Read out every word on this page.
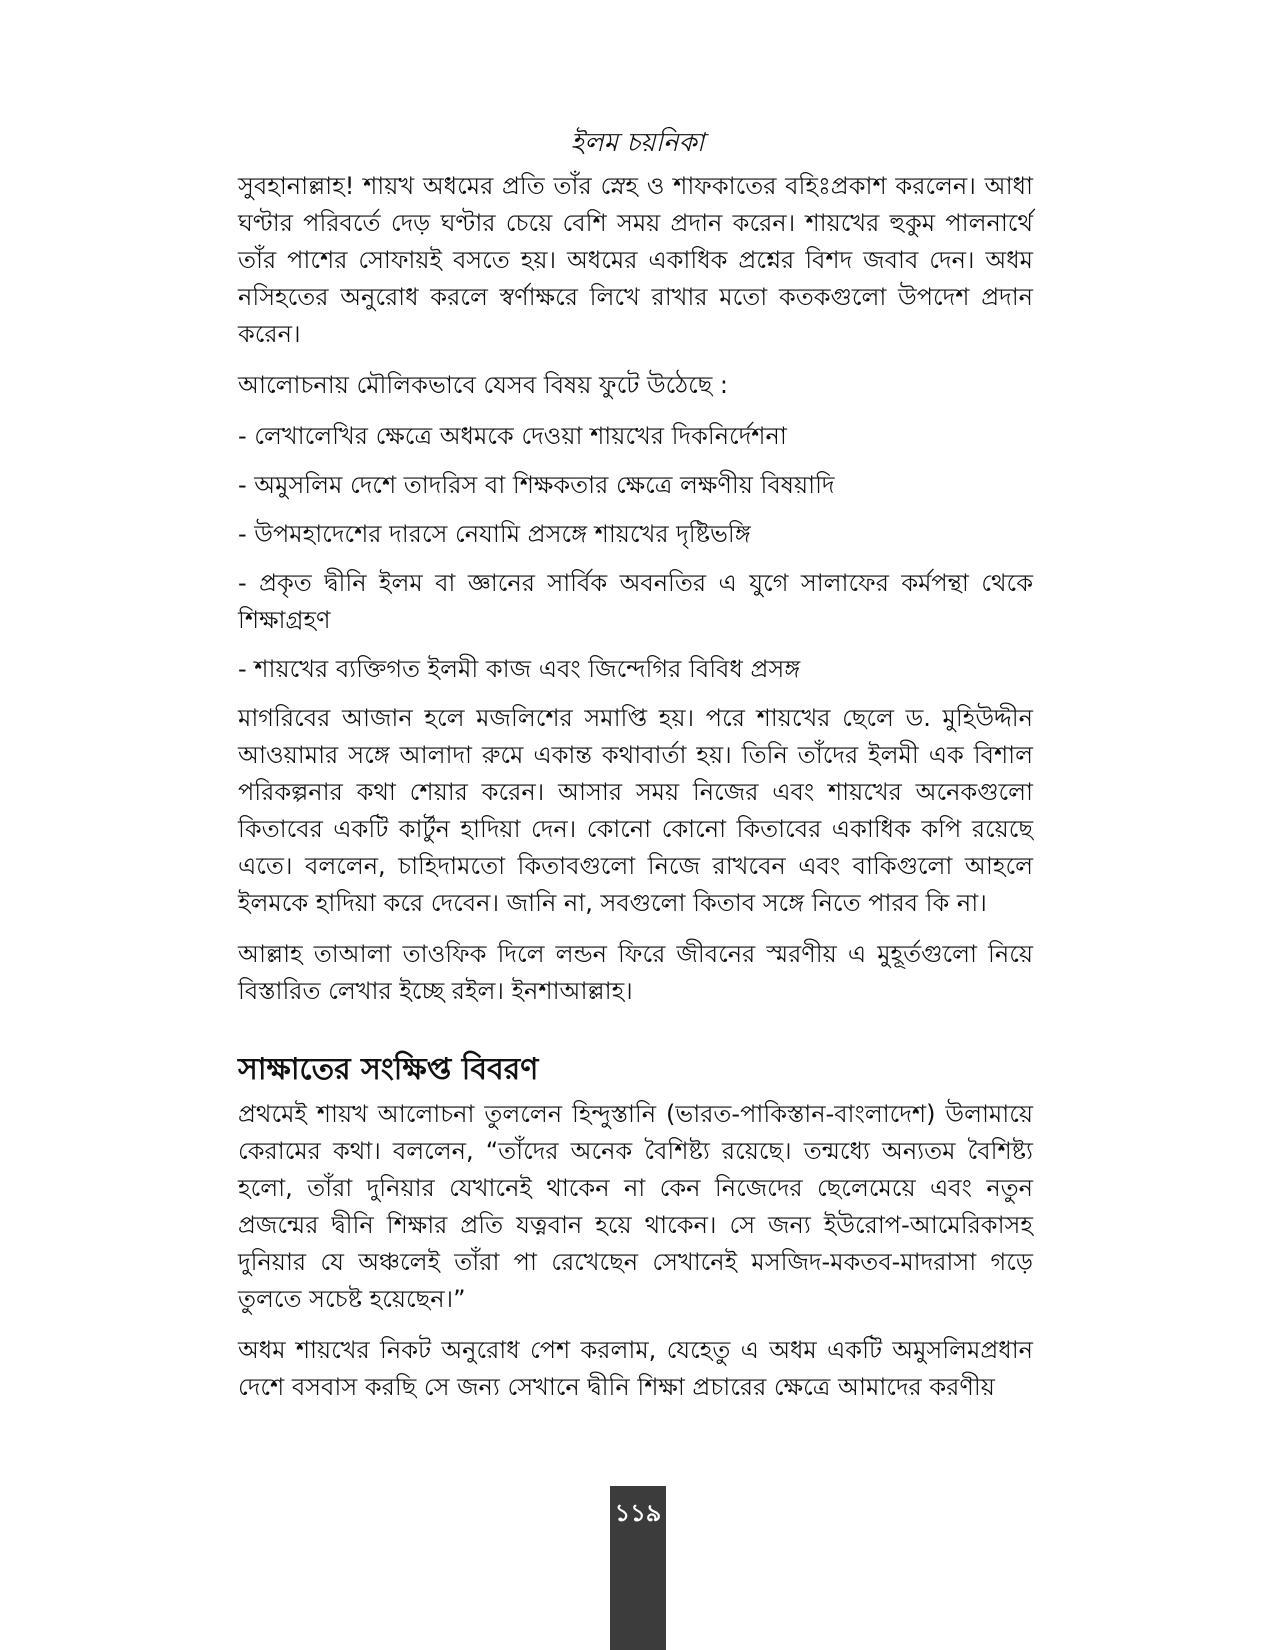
ইলম চয়নিকা

সুবহানাল্লাহ! শায়খ অধমের প্রতি তাঁর স্নেহ ও শাফকাতের বহিঃপ্রকাশ করলেন। আধা ঘণ্টার পরিবর্তে দেড় ঘণ্টার চেয়ে বেশি সময় প্রদান করেন। শায়খের হুকুম পালনার্থে তাঁর পাশের সোফায়ই বসতে হয়। অধমের একাধিক প্রশ্নের বিশদ জবাব দেন। অধম নসিহতের অনুরোধ করলে স্বর্ণাক্ষরে লিখে রাখার মতো কতকগুলো উপদেশ প্রদান করেন।

আলোচনায় মৌলিকভাবে যেসব বিষয় ফুটে উঠেছে :

- লেখালেখির ক্ষেত্রে অধমকে দেওয়া শায়খের দিকনির্দেশনা

- অমুসলিম দেশে তাদরিস বা শিক্ষকতার ক্ষেত্রে লক্ষণীয় বিষয়াদি

- উপমহাদেশের দারসে নেযামি প্রসঙ্গে শায়খের দৃষ্টিভঙ্গি

- প্রকৃত দ্বীনি ইলম বা জ্ঞানের সার্বিক অবনতির এ যুগে সালাফের কর্মপন্থা থেকে শিক্ষাগ্রহণ

- শায়খের ব্যক্তিগত ইলমী কাজ এবং জিন্দেগির বিবিধ প্রসঙ্গ

মাগরিবের আজান হলে মজলিশের সমাপ্তি হয়। পরে শায়খের ছেলে ড. মুহিউদ্দীন আওয়ামার সঙ্গে আলাদা রুমে একান্ত কথাবার্তা হয়। তিনি তাঁদের ইলমী এক বিশাল পরিকল্পনার কথা শেয়ার করেন। আসার সময় নিজের এবং শায়খের অনেকগুলো কিতাবের একটি কার্টুন হাদিয়া দেন। কোনো কোনো কিতাবের একাধিক কপি রয়েছে এতে। বললেন, চাহিদামতো কিতাবগুলো নিজে রাখবেন এবং বাকিগুলো আহলে ইলমকে হাদিয়া করে দেবেন। জানি না, সবগুলো কিতাব সঙ্গে নিতে পারব কি না।

আল্লাহ তাআলা তাওফিক দিলে লন্ডন ফিরে জীবনের স্মরণীয় এ মুহূর্তগুলো নিয়ে বিস্তারিত লেখার ইচ্ছে রইল। ইনশাআল্লাহ।

সাক্ষাতের সংক্ষিপ্ত বিবরণ

প্রথমেই শায়খ আলোচনা তুললেন হিন্দুস্তানি (ভারত-পাকিস্তান-বাংলাদেশ) উলামায়ে কেরামের কথা। বললেন, “তাঁদের অনেক বৈশিষ্ট্য রয়েছে। তন্মধ্যে অন্যতম বৈশিষ্ট্য হলো, তাঁরা দুনিয়ার যেখানেই থাকেন না কেন নিজেদের ছেলেমেয়ে এবং নতুন প্রজন্মের দ্বীনি শিক্ষার প্রতি যত্নবান হয়ে থাকেন। সে জন্য ইউরোপ-আমেরিকাসহ দুনিয়ার যে অঞ্চলেই তাঁরা পা রেখেছেন সেখানেই মসজিদ-মকতব-মাদরাসা গড়ে তুলতে সচেষ্ট হয়েছেন।”

অধম শায়খের নিকট অনুরোধ পেশ করলাম, যেহেতু এ অধম একটি অমুসলিমপ্রধান দেশে বসবাস করছি সে জন্য সেখানে দ্বীনি শিক্ষা প্রচারের ক্ষেত্রে আমাদের করণীয়

১১৯
